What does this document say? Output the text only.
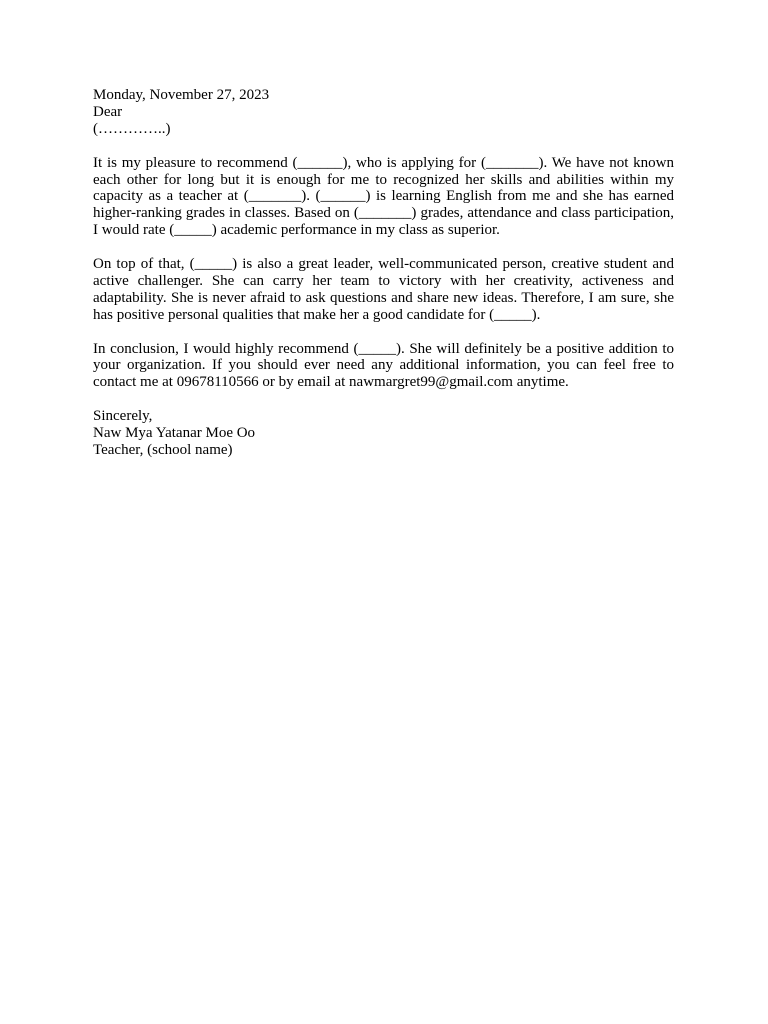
Monday, November 27, 2023

Dear

(…………..)

It is my pleasure to recommend (______), who is applying for (_______). We have not known each other for long but it is enough for me to recognized her skills and abilities within my capacity as a teacher at (_______). (______) is learning English from me and she has earned higher-ranking grades in classes. Based on (_______) grades, attendance and class participation, I would rate (_____) academic performance in my class as superior.

On top of that, (_____) is also a great leader, well-communicated person, creative student and active challenger. She can carry her team to victory with her creativity, activeness and adaptability. She is never afraid to ask questions and share new ideas. Therefore, I am sure, she has positive personal qualities that make her a good candidate for (_____).

In conclusion, I would highly recommend (_____). She will definitely be a positive addition to your organization. If you should ever need any additional information, you can feel free to contact me at 09678110566 or by email at nawmargret99@gmail.com anytime.

Sincerely,

Naw Mya Yatanar Moe Oo

Teacher, (school name)
